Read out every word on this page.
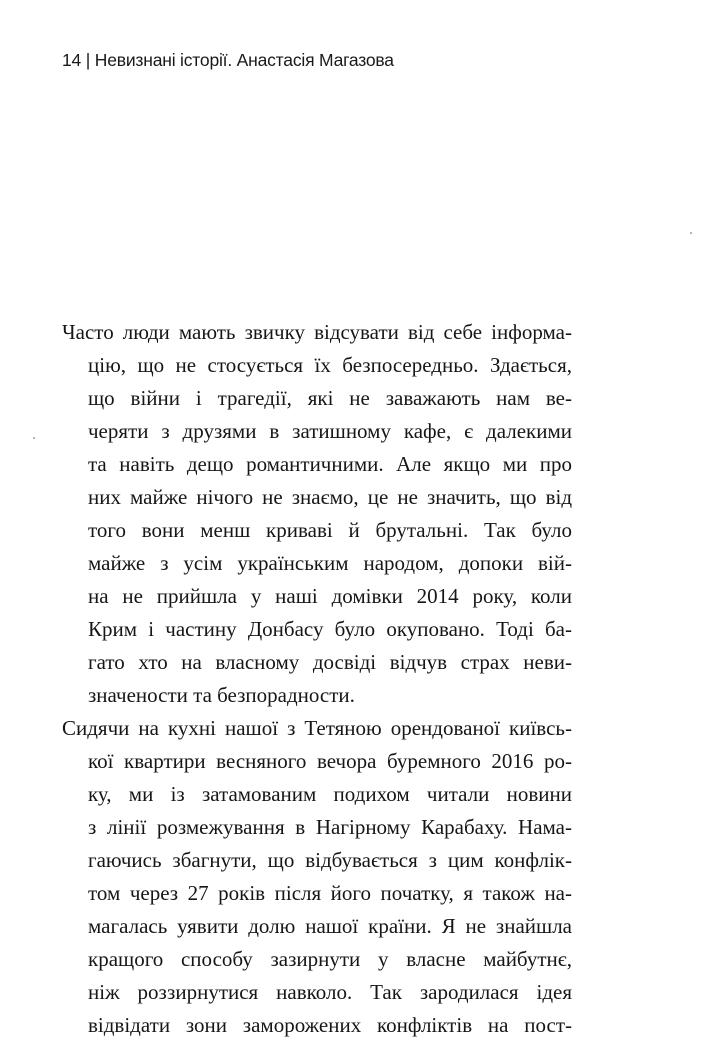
14 | Невизнані історії. Анастасія Магазова
Часто люди мають звичку відсувати від себе інформа-
цію, що не стосується їх безпосередньо. Здається,
що війни і трагедії, які не заважають нам ве-
черяти з друзями в затишному кафе, є далекими
та навіть дещо романтичними. Але якщо ми про
них майже нічого не знаємо, це не значить, що від
того вони менш криваві й брутальні. Так було
майже з усім українським народом, допоки вій-
на не прийшла у наші домівки 2014 року, коли
Крим і частину Донбасу було окуповано. Тоді ба-
гато хто на власному досвіді відчув страх неви-
значености та безпорадности.
Сидячи на кухні нашої з Тетяною орендованої київсь-
кої квартири весняного вечора буремного 2016 ро-
ку, ми із затамованим подихом читали новини
з лінії розмежування в Нагірному Карабаху. Нама-
гаючись збагнути, що відбувається з цим конфлік-
том через 27 років після його початку, я також на-
магалась уявити долю нашої країни. Я не знайшла
кращого способу зазирнути у власне майбутнє,
ніж роззирнутися навколо. Так зародилася ідея
відвідати зони заморожених конфліктів на пост-
